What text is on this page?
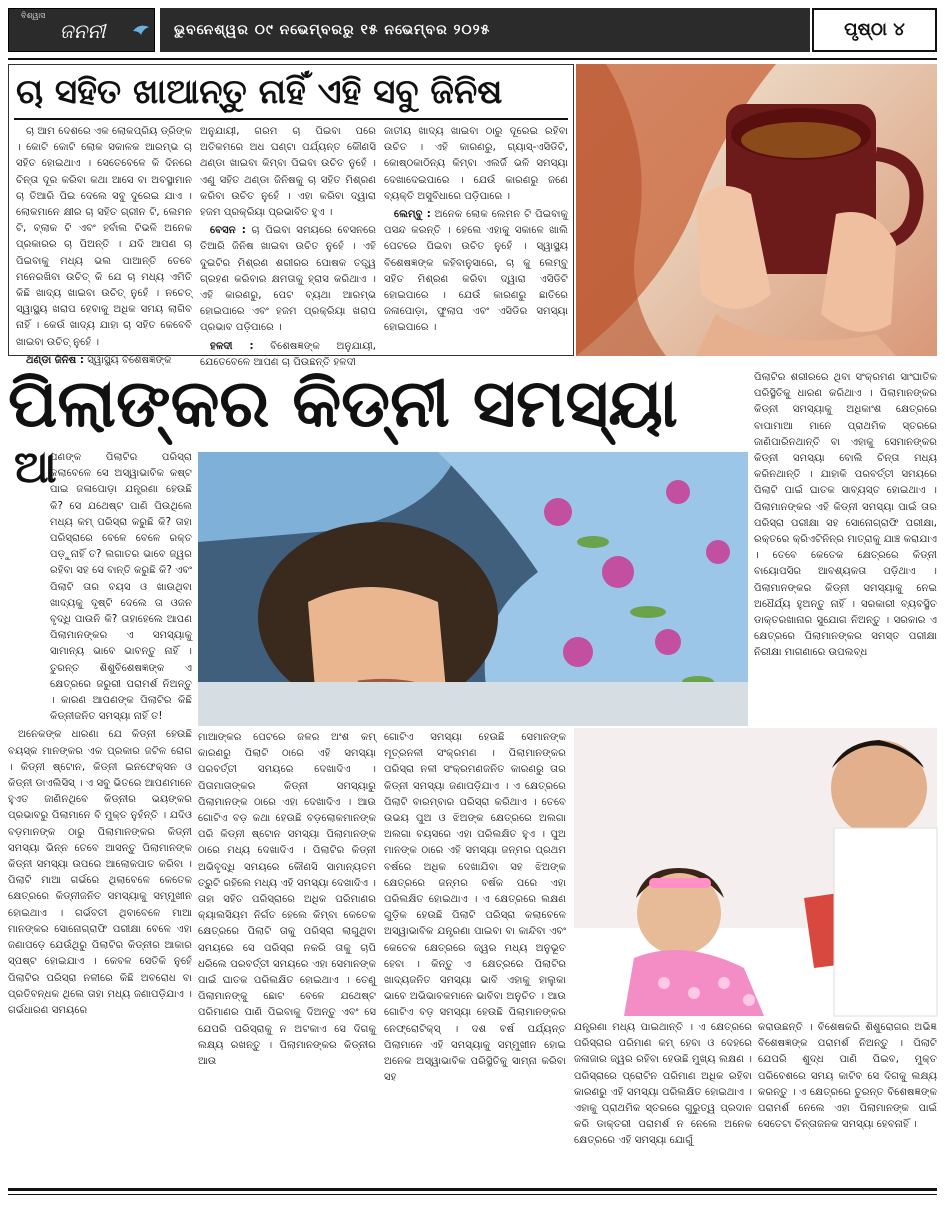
ବିଶ୍ୱାସ
ଜନନୀ	ଭୁବନେଶ୍ୱର ୦୯ ନଭେମ୍ବରରୁ ୧୫ ନଭେମ୍ବର ୨୦୨୫	ପୃଷ୍ଠା ୪
ଚା ସହିତ ଖାଆନ୍ତୁ ନାହିଁ ଏହି ସବୁ ଜିନିଷ

ଚା ଆମ ଦେଶରେ ଏକ ଲୋକପ୍ରିୟ ଡ୍ରିଙ୍କ । କୋଟି କୋଟି ଲୋକ ସକାଳକ ଆରମ୍ଭ ଚା ସହିତ ହୋଇଥାଏ । ସେତେବେଳେ କି ଦିନରେ ଚିନ୍ତା ଦୂର କରିବା କଥା ଆସେ ବା ଅବସ୍ଥାମାନ ଚା ତିଆରି ପିଇ ଦେଲେ ସବୁ ଦୁରେଇ ଯାଏ । ଲୋକମାନେ କ୍ଷୀର ଚା ସହିତ ଗ୍ରୀନ ଟି, ଲେମନ ଟି, ବ୍ଲାକ ଟି ଏବଂ ହର୍ବାଲ ଟିଭଳି ଅନେକ ପ୍ରକାରର ଚା ପିଅନ୍ତି । ଯଦି ଆପଣ ଚା ପିଇବାକୁ ମଧ୍ୟ ଭଲ ପାଆନ୍ତି ତେବେ ମନେରଖିବା ଉଚିତ୍ କି ଯେ ଚା ମଧ୍ୟ ଏମିତି କିଛି ଖାଦ୍ୟ ଖାଇବା ଉଚିତ୍ ନୁହେଁ । ନଚେତ୍ ସ୍ୱାସ୍ଥ୍ୟ ଖରାପ ହେବାକୁ ଅଧିକ ସମୟ ଲାଗିବ ନାହିଁ । କେଉଁ ଖାଦ୍ୟ ଯାହା ଚା ସହିତ କେବେବି ଖାଇବା ଉଚିତ୍ ନୁହେଁ ।

ଥଣ୍ଡା ଜିନିଷ : ସ୍ୱାସ୍ଥ୍ୟ ବିଶେଷଜ୍ଞଙ୍କ

ଅନୁଯାୟୀ, ଗରମ ଚା ପିଇବା ପରେ ଅତିକମରେ ଅଧ ଘଣ୍ଟା ପର୍ଯ୍ୟନ୍ତ କୌଣସି ଥଣ୍ଡା ଖାଇବା କିମ୍ବା ପିଇବା ଉଚିତ ନୁହେଁ । ଏଣୁ ସହିତ ଥଣ୍ଡା ଜିନିଷକୁ ଚା ସହିତ ମିଶ୍ରଣ କରିବା ଉଚିତ ନୁହେଁ । ଏହା କରିବା ଦ୍ୱାରା ହଜମ ପ୍ରକ୍ରିୟା ପ୍ରଭାବିତ ହୁଏ ।

ବେସନ : ଚା ପିଇବା ସମୟରେ ବେସନରେ ତିଆରି ଜିନିଷ ଖାଇବା ଉଚିତ ନୁହେଁ । ଏହି ଦୁଇଟିର ମିଶ୍ରଣ ଶରୀରର ପୋଷକ ତତ୍ତ୍ୱ ଗ୍ରହଣ କରିବାର କ୍ଷମତାକୁ ହ୍ରାସ କରିଥାଏ । ଏହି କାରଣରୁ, ପେଟ ବ୍ୟଥା ଆରମ୍ଭ ହୋଇପାରେ ଏବଂ ହଜମ ପ୍ରକ୍ରିୟା ଖରାପ ପ୍ରଭାବ ପଡ଼ିପାରେ ।

ହଳଦୀ : ବିଶେଷଜ୍ଞଙ୍କ ଅନୁଯାୟୀ, ଯେତେବେଳେ ଆପଣ ଚା ପିଉଛନ୍ତି ହଳଦୀ

ଜାତୀୟ ଖାଦ୍ୟ ଖାଇବା ଠାରୁ ଦୂରେଇ ରହିବା ଉଚିତ । ଏହି କାରଣରୁ, ଗ୍ୟାସ୍-ଏସିଡିଟି, କୋଷ୍ଠକାଠିନ୍ୟ କିମ୍ବା ଏଲର୍ଜି ଭଳି ସମସ୍ୟା ଦେଖାଦେଇପାରେ । ଯେଉଁ କାରଣରୁ ଜଣେ ବ୍ୟକ୍ତି ଅସୁବିଧାରେ ପଡ଼ିପାରେ ।

ଲେମ୍ବୁ : ଅନେକ ଲୋକ ଲେମନ ଟି ପିଇବାକୁ ପସନ୍ଦ କରନ୍ତି । ହେଲେ ଏହାକୁ ସକାଳେ ଖାଲି ପେଟରେ ପିଇବା ଉଚିତ ନୁହେଁ । ସ୍ୱାସ୍ଥ୍ୟ ବିଶେଷଜ୍ଞଙ୍କ କହିବାନୁସାରେ, ଚା କୁ ଲେମ୍ବୁ ସହିତ ମିଶ୍ରଣ କରିବା ଦ୍ୱାରା ଏସିଡିଟି ହୋଇପାରେ । ଯେଉଁ କାରଣରୁ ଛାତିରେ ଜଳାପୋଡ଼ା, ଫୁଲାପ ଏବଂ ଏସିଡିର ସମସ୍ୟା ହୋଇପାରେ ।

ପିଲାଙ୍କର କିଡ୍‌ନୀ ସମସ୍ୟା
ଆ

ପଣଙ୍କ ପିଲାଟିର ପରିସ୍ରା କଲାବେଳେ ସେ ଅସ୍ୱାଭାବିକ କଷ୍ଟ ପାଇ ଜଳାପୋଡ଼ା ଯନ୍ତ୍ରଣା ହେଉଛି କି? ସେ ଯଥେଷ୍ଟ ପାଣି ପିଉଥିଲେ ମଧ୍ୟ କମ୍ ପରିସ୍ରା କରୁଛି କି? ତାହା ପରିସ୍ରାରେ ବେଳେ ବେଳେ ରକ୍ତ ପଡ଼ୁନାହିଁ ତ? ଲଗାତର ଭାବେ ଜ୍ୱର ରହିବା ସହ ସେ ବାନ୍ତି କରୁଛି କି? ଏବଂ ପିଲାଟି ତାର ବୟସ ଓ ଖାଉଥିବା ଖାଦ୍ୟକୁ ଦୃଷ୍ଟି ଦେଲେ ତା ଓଜନ ବୃଦ୍ଧି ପାଉନି କି? ତାହାହେଲେ ଆପଣ ପିଲାମାନଙ୍କର ଏ ସମସ୍ୟାକୁ ସାମାନ୍ୟ ଭାବେ ଭାବନ୍ତୁ ନାହିଁ । ତୁରନ୍ତ ଶିଶୁବିଶେଷଜ୍ଞଙ୍କ ଏ କ୍ଷେତ୍ରରେ ଜରୁରୀ ପରାମର୍ଶ ନିଅନ୍ତୁ । କାରଣ ଆପଣଙ୍କ ପିଲାଟିର କିଛି କିଡ୍‌ନୀଜନିତ ସମସ୍ୟା ନାହିଁ ତ!

ଅନେକଙ୍କ ଧାରଣା ଯେ କିଡ୍‌ନୀ ହେଉଛି ବୟସ୍କ ମାନଙ୍କର ଏକ ପ୍ରକାର ଜଟିଳ ରୋଗ । କିଡ୍‌ନୀ ଷ୍ଟୋନ, କିଡ୍‌ନୀ ଇନଫେକ୍ସନ ଓ କିଡ୍‌ନୀ ଡାଏଲିସିସ୍ । ଏ ସବୁ ଭିତରେ ଆପଣମାନେ ହୁଏତ ଜାଣିନଥିବେ କିଡ୍‌ନୀର ଭୟଙ୍କର ପ୍ରଭାବରୁ ପିଲାମାନେ ବି ମୁକ୍ତ ନୁହଁନ୍ତି । ଯଦିଓ ବଡ଼ମାନଙ୍କ ଠାରୁ ପିଲାମାନଙ୍କର କିଡ୍‌ନୀ ସମସ୍ୟା ଭିନ୍ନ ତେବେ ଆସନ୍ତୁ ପିଲାମାନଙ୍କ କିଡ୍‌ନୀ ସମସ୍ୟା ଉପରେ ଆଲୋକପାତ କରିବା । ପିଲାଟି ମାଆ ଗର୍ଭରେ ଥିଲାବେଳେ କେତେକ କ୍ଷେତ୍ରରେ କିଡ୍‌ନୀଜନିତ ସମସ୍ୟାକୁ ସମ୍ମୁଖୀନ ହୋଇଥାଏ । ଗର୍ଭବତୀ ଥିବାବେଳେ ମାଆ ମାନଙ୍କର ସୋନୋଗ୍ରାଫି ପରୀକ୍ଷା ବେଳେ ଏହା ଜଣାପଡ଼େ ଯେଉଁଥିରୁ ପିଲାଟିର କିଡ୍‌ନୀର ଆକାର ସ୍ପଷ୍ଟ ହୋଇଯାଏ । କେବଳ ସେତିକି ନୁହେଁ ପିଲାଟିର ପରିସ୍ରା ନଳୀରେ କିଛି ଅବରୋଧ ବା ପ୍ରତିବନ୍ଧକ ଥିଲେ ତାହା ମଧ୍ୟ ଜଣାପଡ଼ିଯାଏ । ଗର୍ଭଧାରଣ ସମୟରେ

ମାଆଙ୍କର ପେଟରେ ଜଳର ଅଂଶ କମ୍ କାରଣରୁ ପିଲାଟି ଠାରେ ଏହି ସମସ୍ୟା ପରବର୍ତ୍ତୀ ସମୟରେ ଦେଖାଦିଏ । ପିତାମାତାଙ୍କର କିଡ୍‌ନୀ ସମସ୍ୟାରୁ ପିଲାମାନଙ୍କ ଠାରେ ଏହା ଦେଖାଦିଏ । ଆଉ ଗୋଟିଏ ବଡ଼ କଥା ହେଉଛି ବଡ଼ଲୋକମାନଙ୍କ ପରି କିଡ୍‌ନୀ ଷ୍ଟୋନ ସମସ୍ୟା ପିଲାମାନଙ୍କ ଠାରେ ମଧ୍ୟ ଦେଖାଦିଏ । ପିଲାଟିର କିଡ୍‌ନୀ ଅଭିବୃଦ୍ଧି ସମୟରେ କୌଣସି ସାମାନ୍ୟତମ ତ୍ରୁଟି ରହିଲେ ମଧ୍ୟ ଏହି ସମସ୍ୟା ଦେଖାଦିଏ । ତାହା ସହିତ ପରିସ୍ରାରେ ଅଧିକ ପରିମାଣର କ୍ୟାଲସିୟମ ନିର୍ଗତ ହେଲେ କିମ୍ବା କେତେକ କ୍ଷେତ୍ରରେ ପିଲାଟି ତାକୁ ପରିସ୍ରା ଲାଗୁଥିବା ସମୟରେ ସେ ପରିସ୍ରା ନକରି ତାକୁ ଚାପି ଧରିଲେ ପରବର୍ତ୍ତୀ ସମୟରେ ଏହା ସେମାନଙ୍କ ପାଇଁ ଘାତକ ପରିଲକ୍ଷିତ ହୋଇଥାଏ । ତେଣୁ ପିଲାମାନଙ୍କୁ ଛୋଟ ବେଳେ ଯଥେଷ୍ଟ ପରିମାଣର ପାଣି ପିଇବାକୁ ଦିଅନ୍ତୁ ଏବଂ ସେ ଯେପରି ପରିସ୍ରାକୁ ନ ଅଟକାଏ ସେ ଦିଗକୁ ଲକ୍ଷ୍ୟ ରଖନ୍ତୁ । ପିଲାମାନଙ୍କର କିଡ୍‌ନୀର ଆଉ

ଗୋଟିଏ ସମସ୍ୟା ହେଉଛି ସେମାନଙ୍କ ମୂତ୍ରନଳୀ ସଂକ୍ରମଣ । ପିଲାମାନଙ୍କର ପରିସ୍ରା ନଳୀ ସଂକ୍ରମଣଜନିତ କାରଣରୁ ତାର କିଡ୍‌ନୀ ସମସ୍ୟା ଜଣାପଡ଼ିଯାଏ । ଏ କ୍ଷେତ୍ରରେ ପିଲାଟି ବାରମ୍ବାର ପରିସ୍ରା କରିଥାଏ । ତେବେ ଉଭୟ ପୁଅ ଓ ଝିଅଙ୍କ କ୍ଷେତ୍ରରେ ଅଲଗା ଅଲଗା ବୟସରେ ଏହା ପରିଲକ୍ଷିତ ହୁଏ । ପୁଅ ମାନଙ୍କ ଠାରେ ଏହି ସମସ୍ୟା ଜନ୍ମର ପ୍ରଥମ ବର୍ଷରେ ଅଧିକ ଦେଖାଯିବା ସହ ଝିଅଙ୍କ କ୍ଷେତ୍ରରେ ଜନ୍ମର ବର୍ଷକ ପରେ ଏହା ପରିଲକ୍ଷିତ ହୋଇଥାଏ । ଏ କ୍ଷେତ୍ରରେ ଲକ୍ଷଣ ଗୁଡ଼ିକ ହେଉଛି ପିଲାଟି ପରିସ୍ରା କଲାବେଳେ ଅସ୍ୱାଭାବିକ ଯନ୍ତ୍ରଣା ପାଇବା ବା କାନ୍ଦିବା ଏବଂ କେତେକ କ୍ଷେତ୍ରରେ ଜ୍ୱର ମଧ୍ୟ ଅନୁଭୂତ ହେବା । କିନ୍ତୁ ଏ କ୍ଷେତ୍ରରେ ପିଲାଟିର ଖାଦ୍ୟଜନିତ ସମସ୍ୟା ଭାବି ଏହାକୁ ହାଲୁକା ଭାବେ ଅଭିଭାବକମାନେ ଭାବିବା ଅନୁଚିତ । ଆଉ ଗୋଟିଏ ବଡ଼ ସମସ୍ୟା ହେଉଛି ପିଲାମାନଙ୍କର ନେଫ୍ରୋଟିକ୍ସ୍ । ଦଶ ବର୍ଷ ପର୍ଯ୍ୟନ୍ତ ପିଲାମାନେ ଏହି ସମସ୍ୟାକୁ ସମ୍ମୁଖୀନ ହୋଇ ଅନେକ ଅସ୍ୱାଭାବିକ ପରିସ୍ଥିତିକୁ ସାମ୍ନା କରିବା ସହ

ପିଲାଟିର ଶରୀରରେ ଥିବା ସଂକ୍ରମଣ ସାଂଘାତିକ ପରିସ୍ଥିତିକୁ ଧାରଣ କରିଥାଏ । ପିଲାମାନଙ୍କର କିଡ୍‌ନୀ ସମସ୍ୟାକୁ ଅଧିକାଂଶ କ୍ଷେତ୍ରରେ ବାପାମାଆ ମାନେ ପ୍ରାଥମିକ ସ୍ତରରେ ଜାଣିପାରିନଥାନ୍ତି ବା ଏହାକୁ ସେମାନଙ୍କର କିଡ୍‌ନୀ ସମସ୍ୟା ବୋଲି ଚିନ୍ତା ମଧ୍ୟ କରିନଥାନ୍ତି । ଯାହାକି ପରବର୍ତ୍ତୀ ସମୟରେ ପିଲାଟି ପାଇଁ ଘାତକ ସାବ୍ୟସ୍ତ ହୋଇଥାଏ । ପିଲାମାନଙ୍କର ଏହି କିଡ୍‌ନୀ ସମସ୍ୟା ପାଇଁ ତାର ପରିସ୍ରା ପରୀକ୍ଷା ସହ ସୋନୋଗ୍ରାଫି ପରୀକ୍ଷା, ରକ୍ତରେ କ୍ରିଏଟିନିନ୍‌ର ମାତ୍ରାକୁ ଯାଞ୍ଚ କରାଯାଏ । ତେବେ କେତେକ କ୍ଷେତ୍ରରେ କିଡ୍‌ନୀ ବାୟୋପସିର ଆବଶ୍ୟକତା ପଡ଼ିଥାଏ । ପିଲାମାନଙ୍କର କିଡ୍‌ନୀ ସମସ୍ୟାକୁ ନେଇ ଅଧୈର୍ଯ୍ୟ ହୁଅନ୍ତୁ ନାହିଁ । ସରକାରୀ ବ୍ୟବସ୍ଥିତ ଡାକ୍ତରଖାନାର ସୁଯୋଗ ନିଅନ୍ତୁ । ସରକାର ଏ କ୍ଷେତ୍ରରେ ପିଲାମାନଙ୍କର ସମସ୍ତ ପରୀକ୍ଷା ନିରୀକ୍ଷା ମାଗଣାରେ ଉପଲବ୍ଧ

ଯନ୍ତ୍ରଣା ମଧ୍ୟ ପାଇଥାନ୍ତି । ଏ କ୍ଷେତ୍ରରେ ପରିସ୍ରାର ପରିମାଣ କମ୍ ହେବା ଓ ଦେହରେ ଜଳାଜାର ଜ୍ୱର ରହିବା ହେଉଛି ମୁଖ୍ୟ ଲକ୍ଷଣ । ପରିସ୍ରାରେ ପ୍ରୋଟିନ ପରିମାଣ ଅଧିକ ରହିବା କାରଣରୁ ଏହି ସମସ୍ୟା ପରିଲକ୍ଷିତ ହୋଇଥାଏ । ଏହାକୁ ପ୍ରାଥମିକ ସ୍ତରରେ ଗୁରୁତ୍ୱ ପ୍ରଦାନ କରି ଡାକ୍ତରୀ ପରାମର୍ଶ ନ ନେଲେ ଅନେକ କ୍ଷେତ୍ରରେ ଏହି ସମସ୍ୟା ଯୋଗୁଁ

କରାଉଛନ୍ତି । ବିଶେଷକରି ଶିଶୁରୋଗର ଅଭିଜ୍ଞ ବିଶେଷଜ୍ଞଙ୍କ ପରାମର୍ଶ ନିଅନ୍ତୁ । ପିଲାଟି ଯେପରି ଶୁଦ୍ଧ ପାଣି ପିଇବ, ମୁକ୍ତ ପରିବେଶରେ ସମୟ କାଟିବ ସେ ଦିଗକୁ ଲକ୍ଷ୍ୟ କରନ୍ତୁ । ଏ କ୍ଷେତ୍ରରେ ତୁରନ୍ତ ବିଶେଷଜ୍ଞଙ୍କ ପରାମର୍ଶ ନେଲେ ଏହା ପିଲାମାନଙ୍କ ପାଇଁ ସେତେଟା ଚିନ୍ତାଜନକ ସମସ୍ୟା ହେବନାହିଁ ।
